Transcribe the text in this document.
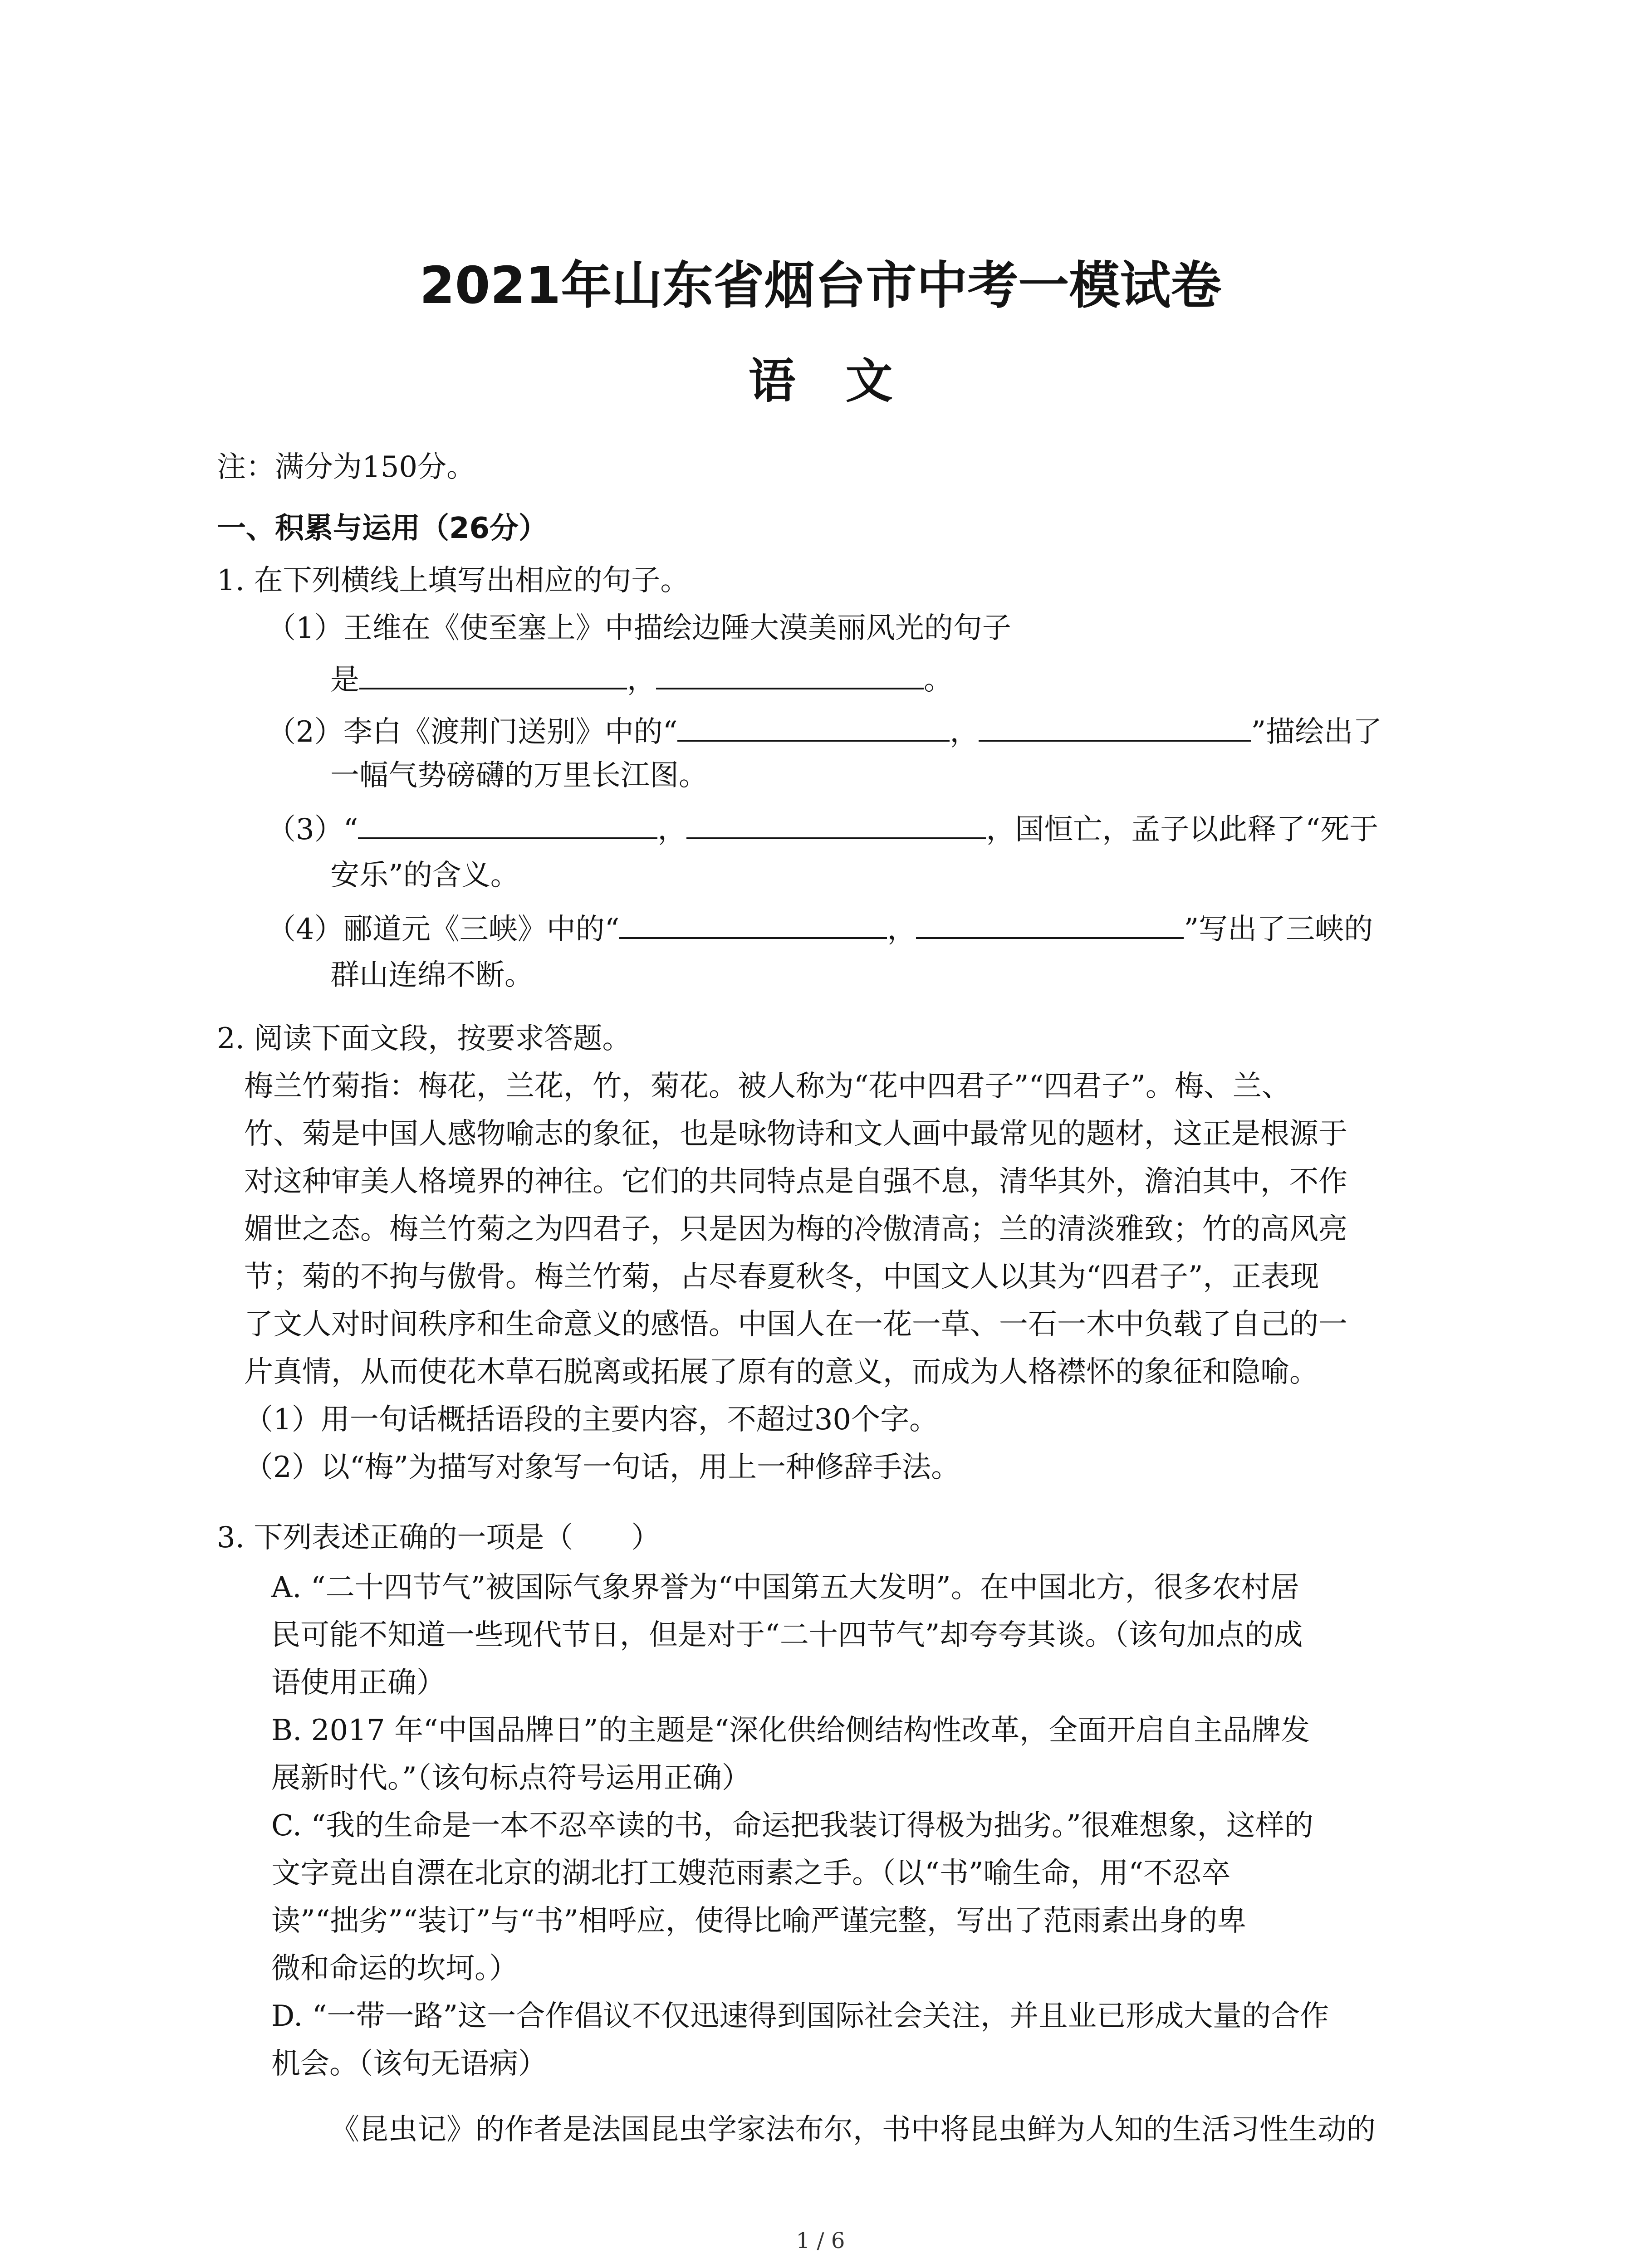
2021年山东省烟台市中考一模试卷
语文
注：满分为150分。
一、积累与运用（26分）
1. 在下列横线上填写出相应的句子。
（1）王维在《使至塞上》中描绘边陲大漠美丽风光的句子
是	，	。
（2）李白《渡荆门送别》中的“	，	”描绘出了
一幅气势磅礴的万里长江图。
（3）“	，	，国恒亡，孟子以此释了“死于
安乐”的含义。
（4）郦道元《三峡》中的“	，	”写出了三峡的
群山连绵不断。
2. 阅读下面文段，按要求答题。
梅兰竹菊指：梅花，兰花，竹，菊花。被人称为“花中四君子”“四君子”。梅、兰、
竹、菊是中国人感物喻志的象征，也是咏物诗和文人画中最常见的题材，这正是根源于
对这种审美人格境界的神往。它们的共同特点是自强不息，清华其外，澹泊其中，不作
媚世之态。梅兰竹菊之为四君子，只是因为梅的冷傲清高；兰的清淡雅致；竹的高风亮
节；菊的不拘与傲骨。梅兰竹菊，占尽春夏秋冬，中国文人以其为“四君子”，正表现
了文人对时间秩序和生命意义的感悟。中国人在一花一草、一石一木中负载了自己的一
片真情，从而使花木草石脱离或拓展了原有的意义，而成为人格襟怀的象征和隐喻。
（1）用一句话概括语段的主要内容，不超过30个字。
（2）以“梅”为描写对象写一句话，用上一种修辞手法。
3. 下列表述正确的一项是（　　）
A. “二十四节气”被国际气象界誉为“中国第五大发明”。在中国北方，很多农村居
民可能不知道一些现代节日，但是对于“二十四节气”却夸夸其谈。（该句加点的成
语使用正确）
B. 2017 年“中国品牌日”的主题是“深化供给侧结构性改革，全面开启自主品牌发
展新时代。”（该句标点符号运用正确）
C. “我的生命是一本不忍卒读的书，命运把我装订得极为拙劣。”很难想象，这样的
文字竟出自漂在北京的湖北打工嫂范雨素之手。（以“书”喻生命，用“不忍卒
读”“拙劣”“装订”与“书”相呼应，使得比喻严谨完整，写出了范雨素出身的卑
微和命运的坎坷。）
D. “一带一路”这一合作倡议不仅迅速得到国际社会关注，并且业已形成大量的合作
机会。（该句无语病）
《昆虫记》的作者是法国昆虫学家法布尔，书中将昆虫鲜为人知的生活习性生动的
1 / 6
